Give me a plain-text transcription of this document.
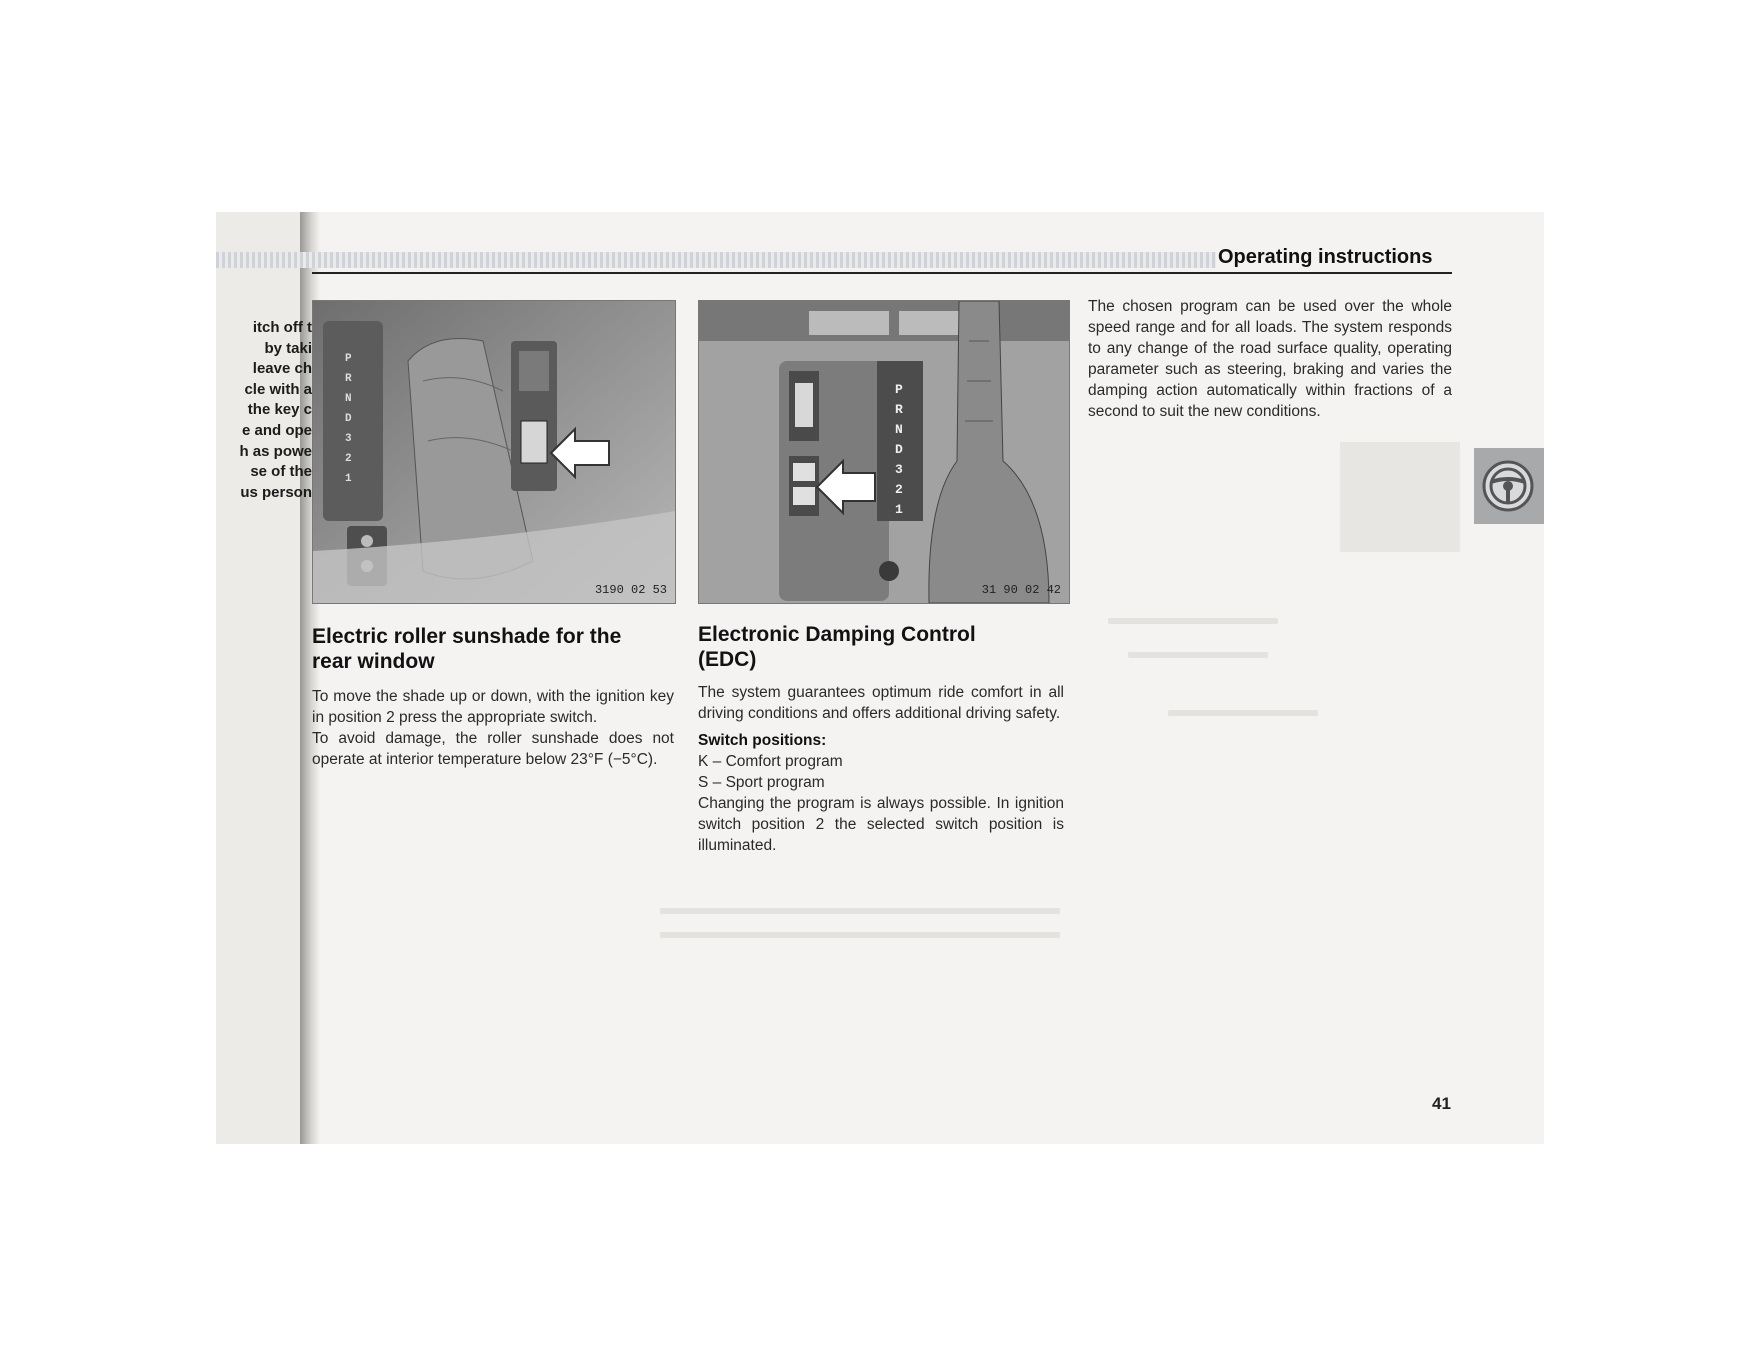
Operating instructions
itch off t
by taki
leave ch
cle with a
the key c
e and ope
h as powe
se of the
us person
P
R
N
D
3
2
1
3190 02 53
P
R
N
D
3
2
1
31 90 02 42
Electric roller sunshade for the
rear window

To move the shade up or down, with the ignition key in position 2 press the appropriate switch.

To avoid damage, the roller sunshade does not operate at interior temperature below 23°F (−5°C).

Electronic Damping Control
(EDC)

The system guarantees optimum ride comfort in all driving conditions and offers additional driving safety.

Switch positions:

K – Comfort program

S – Sport program

Changing the program is always possible. In ignition switch position 2 the selected switch position is illuminated.

The chosen program can be used over the whole speed range and for all loads. The system responds to any change of the road surface quality, operating parameter such as steering, braking and varies the damping action automatically within fractions of a second to suit the new conditions.

41
